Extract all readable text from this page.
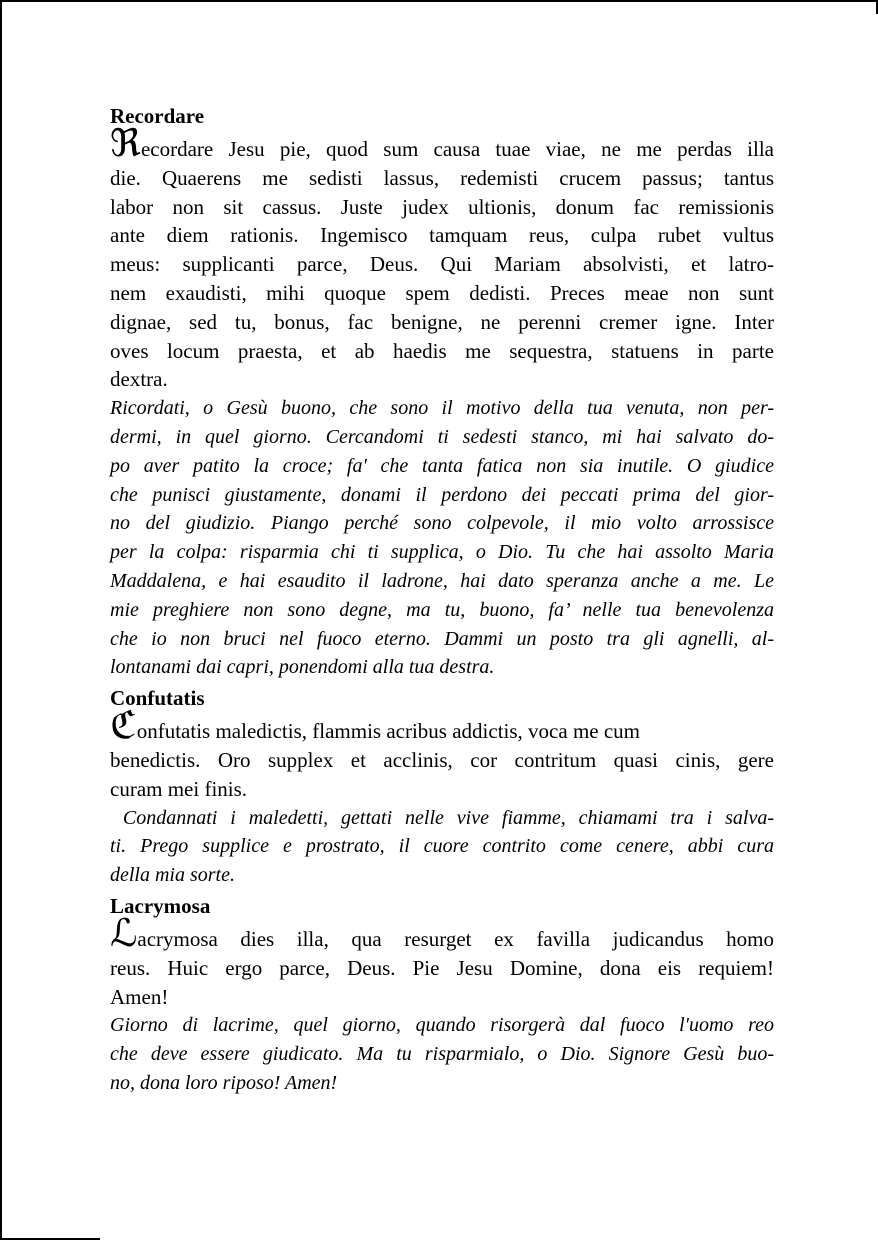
Recordare
ℜecordare Jesu pie, quod sum causa tuae viae, ne me perdas illa
die. Quaerens me sedisti lassus, redemisti crucem passus; tantus
labor non sit cassus. Juste judex ultionis, donum fac remissionis
ante diem rationis. Ingemisco tamquam reus, culpa rubet vultus
meus: supplicanti parce, Deus. Qui Mariam absolvisti, et latro-
nem exaudisti, mihi quoque spem dedisti. Preces meae non sunt
dignae, sed tu, bonus, fac benigne, ne perenni cremer igne. Inter
oves locum praesta, et ab haedis me sequestra, statuens in parte
dextra.
Ricordati, o Gesù buono, che sono il motivo della tua venuta, non per-
dermi, in quel giorno. Cercandomi ti sedesti stanco, mi hai salvato do-
po aver patito la croce; fa' che tanta fatica non sia inutile. O giudice
che punisci giustamente, donami il perdono dei peccati prima del gior-
no del giudizio. Piango perché sono colpevole, il mio volto arrossisce
per la colpa: risparmia chi ti supplica, o Dio. Tu che hai assolto Maria
Maddalena, e hai esaudito il ladrone, hai dato speranza anche a me. Le
mie preghiere non sono degne, ma tu, buono, fa’ nelle tua benevolenza
che io non bruci nel fuoco eterno. Dammi un posto tra gli agnelli, al-
lontanami dai capri, ponendomi alla tua destra.
Confutatis
ℭonfutatis maledictis, flammis acribus addictis, voca me cum
benedictis. Oro supplex et acclinis, cor contritum quasi cinis, gere
curam mei finis.
Condannati i maledetti, gettati nelle vive fiamme, chiamami tra i salva-
ti. Prego supplice e prostrato, il cuore contrito come cenere, abbi cura
della mia sorte.
Lacrymosa
ℒacrymosa dies illa, qua resurget ex favilla judicandus homo
reus. Huic ergo parce, Deus. Pie Jesu Domine, dona eis requiem!
Amen!
Giorno di lacrime, quel giorno, quando risorgerà dal fuoco l'uomo reo
che deve essere giudicato. Ma tu risparmialo, o Dio. Signore Gesù buo-
no, dona loro riposo! Amen!
